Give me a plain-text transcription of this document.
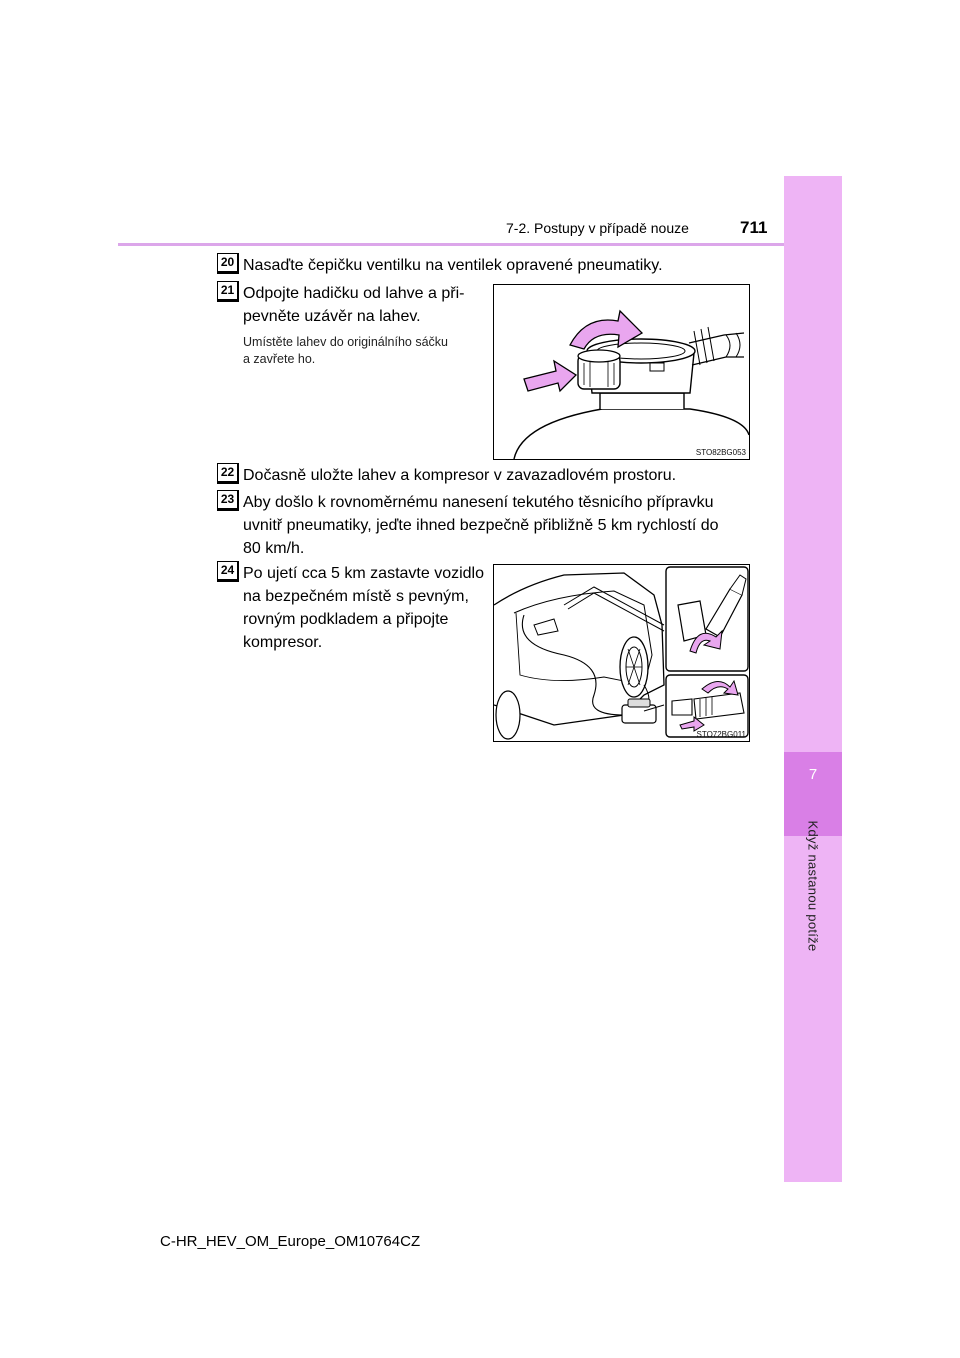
7
Když nastanou potíže
7-2. Postupy v případě nouze	711
20 Nasaďte čepičku ventilku na ventilek opravené pneumatiky.
21 Odpojte hadičku od lahve a při-
pevněte uzávěr na lahev.
Umístěte lahev do originálního sáčku
a zavřete ho.
STO82BG053
22 Dočasně uložte lahev a kompresor v zavazadlovém prostoru.
23 Aby došlo k rovnoměrnému nanesení tekutého těsnicího přípravku
uvnitř pneumatiky, jeďte ihned bezpečně přibližně 5 km rychlostí do
80 km/h.
24 Po ujetí cca 5 km zastavte vozidlo
na bezpečném místě s pevným,
rovným podkladem a připojte
kompresor.
STO72BG011
C-HR_HEV_OM_Europe_OM10764CZ
